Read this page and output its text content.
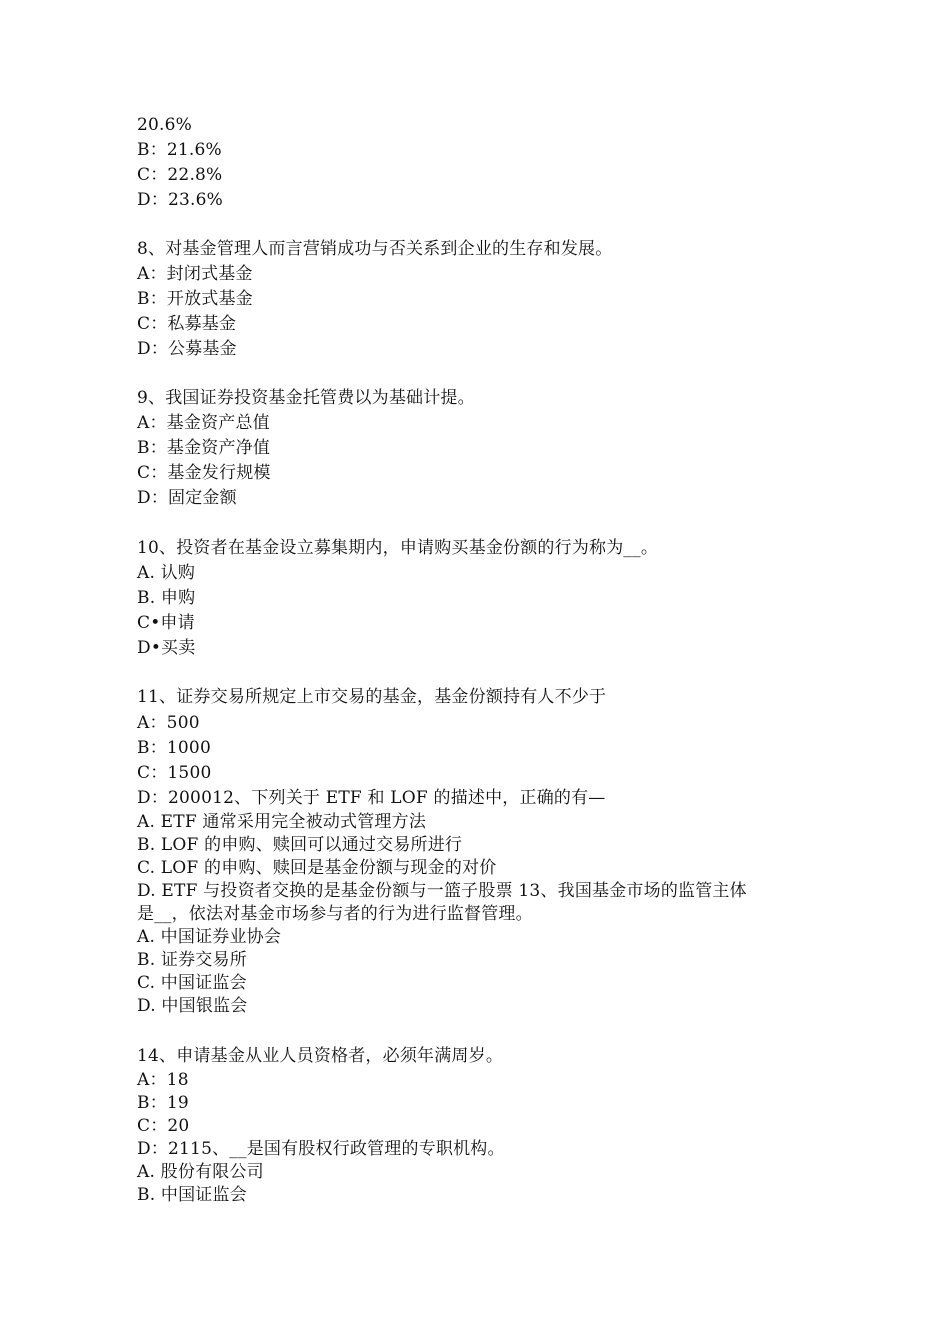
20.6%
B：21.6%
C：22.8%
D：23.6%
8、对基金管理人而言营销成功与否关系到企业的生存和发展。
A：封闭式基金
B：开放式基金
C：私募基金
D：公募基金
9、我国证券投资基金托管费以为基础计提。
A：基金资产总值
B：基金资产净值
C：基金发行规模
D：固定金额
10、投资者在基金设立募集期内，申请购买基金份额的行为称为__。
A. 认购
B. 申购
C•申请
D•买卖
11、证券交易所规定上市交易的基金，基金份额持有人不少于
A：500
B：1000
C：1500
D：200012、下列关于 ETF 和 LOF 的描述中，正确的有—
A. ETF 通常采用完全被动式管理方法
B. LOF 的申购、赎回可以通过交易所进行
C. LOF 的申购、赎回是基金份额与现金的对价
D. ETF 与投资者交换的是基金份额与一篮子股票 13、我国基金市场的监管主体
是__，依法对基金市场参与者的行为进行监督管理。
A. 中国证券业协会
B. 证券交易所
C. 中国证监会
D. 中国银监会
14、申请基金从业人员资格者，必须年满周岁。
A：18
B：19
C：20
D：2115、__是国有股权行政管理的专职机构。
A. 股份有限公司
B. 中国证监会
